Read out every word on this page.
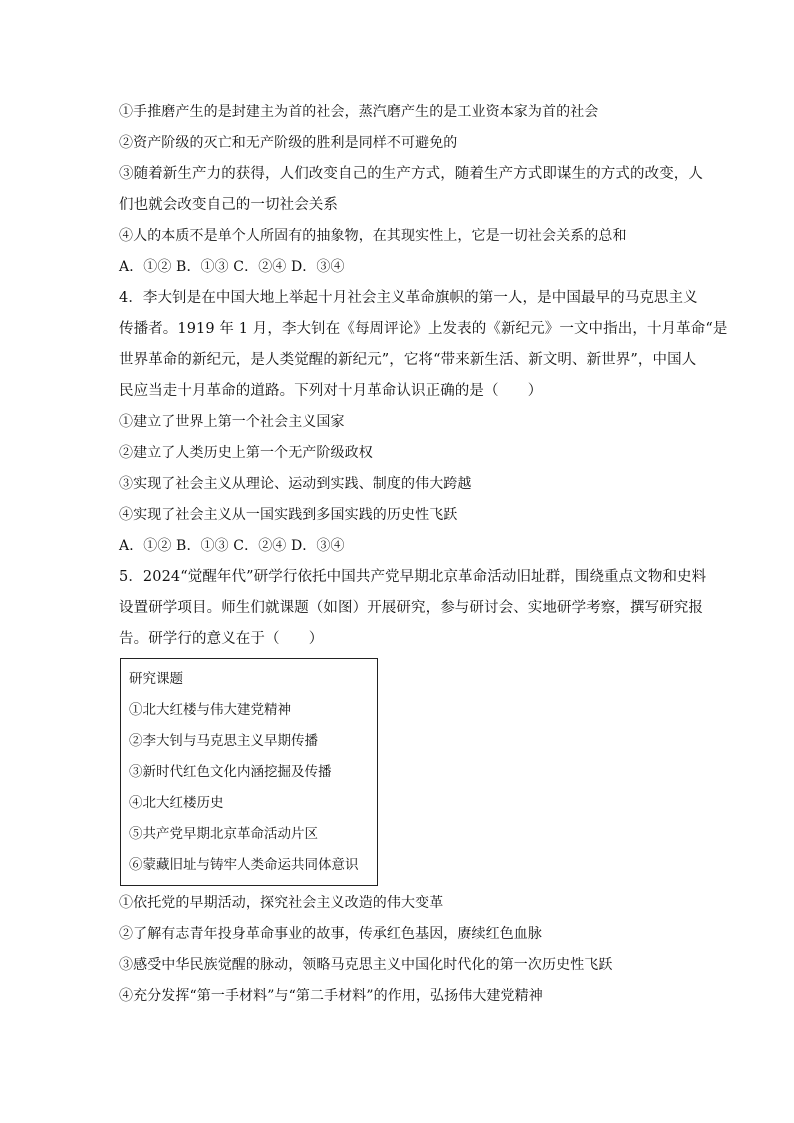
①手推磨产生的是封建主为首的社会，蒸汽磨产生的是工业资本家为首的社会
②资产阶级的灭亡和无产阶级的胜利是同样不可避免的
③随着新生产力的获得，人们改变自己的生产方式，随着生产方式即谋生的方式的改变，人
们也就会改变自己的一切社会关系
④人的本质不是单个人所固有的抽象物，在其现实性上，它是一切社会关系的总和
A．①② B．①③ C．②④ D．③④
4．李大钊是在中国大地上举起十月社会主义革命旗帜的第一人，是中国最早的马克思主义
传播者。1919 年 1 月，李大钊在《每周评论》上发表的《新纪元》一文中指出，十月革命“是
世界革命的新纪元，是人类觉醒的新纪元”，它将“带来新生活、新文明、新世界”，中国人
民应当走十月革命的道路。下列对十月革命认识正确的是（　　）
①建立了世界上第一个社会主义国家
②建立了人类历史上第一个无产阶级政权
③实现了社会主义从理论、运动到实践、制度的伟大跨越
④实现了社会主义从一国实践到多国实践的历史性飞跃
A．①② B．①③ C．②④ D．③④
5．2024“觉醒年代”研学行依托中国共产党早期北京革命活动旧址群，围绕重点文物和史料
设置研学项目。师生们就课题（如图）开展研究，参与研讨会、实地研学考察，撰写研究报
告。研学行的意义在于（　　）
研究课题
①北大红楼与伟大建党精神
②李大钊与马克思主义早期传播
③新时代红色文化内涵挖掘及传播
④北大红楼历史
⑤共产党早期北京革命活动片区
⑥蒙藏旧址与铸牢人类命运共同体意识
①依托党的早期活动，探究社会主义改造的伟大变革
②了解有志青年投身革命事业的故事，传承红色基因，赓续红色血脉
③感受中华民族觉醒的脉动，领略马克思主义中国化时代化的第一次历史性飞跃
④充分发挥“第一手材料”与“第二手材料”的作用，弘扬伟大建党精神
